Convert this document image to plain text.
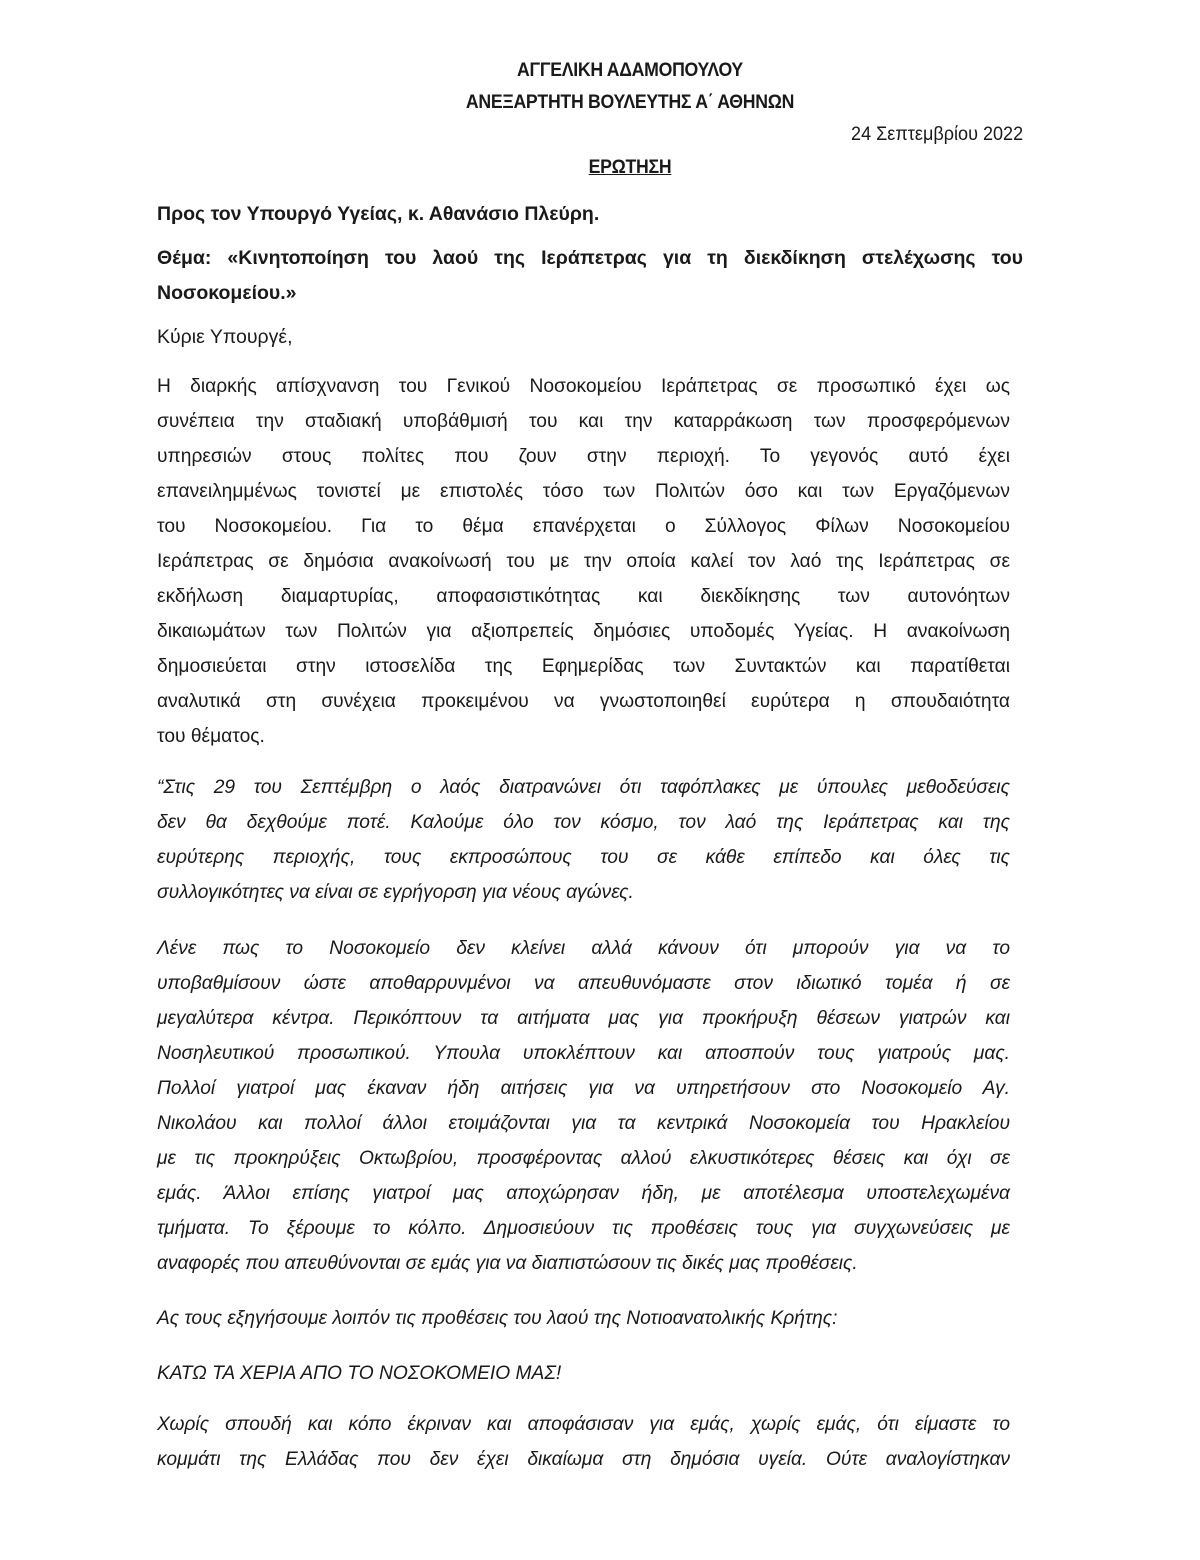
ΑΓΓΕΛΙΚΗ ΑΔΑΜΟΠΟΥΛΟΥ
ΑΝΕΞΑΡΤΗΤΗ ΒΟΥΛΕΥΤΗΣ Α΄ ΑΘΗΝΩΝ
24 Σεπτεμβρίου 2022
ΕΡΩΤΗΣΗ
Προς τον Υπουργό Υγείας, κ. Αθανάσιο Πλεύρη.
Θέμα: «Κινητοποίηση του λαού της Ιεράπετρας για τη διεκδίκηση στελέχωσης του
Νοσοκομείου.»
Κύριε Υπουργέ,
Η διαρκής απίσχνανση του Γενικού Νοσοκομείου Ιεράπετρας σε προσωπικό έχει ως
συνέπεια την σταδιακή υποβάθμισή του και την καταρράκωση των προσφερόμενων
υπηρεσιών στους πολίτες που ζουν στην περιοχή. Το γεγονός αυτό έχει
επανειλημμένως τονιστεί με επιστολές τόσο των Πολιτών όσο και των Εργαζόμενων
του Νοσοκομείου. Για το θέμα επανέρχεται ο Σύλλογος Φίλων Νοσοκομείου
Ιεράπετρας σε δημόσια ανακοίνωσή του με την οποία καλεί τον λαό της Ιεράπετρας σε
εκδήλωση διαμαρτυρίας, αποφασιστικότητας και διεκδίκησης των αυτονόητων
δικαιωμάτων των Πολιτών για αξιοπρεπείς δημόσιες υποδομές Υγείας. Η ανακοίνωση
δημοσιεύεται στην ιστοσελίδα της Εφημερίδας των Συντακτών και παρατίθεται
αναλυτικά στη συνέχεια προκειμένου να γνωστοποιηθεί ευρύτερα η σπουδαιότητα
του θέματος.
“Στις 29 του Σεπτέμβρη ο λαός διατρανώνει ότι ταφόπλακες με ύπουλες μεθοδεύσεις
δεν θα δεχθούμε ποτέ. Καλούμε όλο τον κόσμο, τον λαό της Ιεράπετρας και της
ευρύτερης περιοχής, τους εκπροσώπους του σε κάθε επίπεδο και όλες τις
συλλογικότητες να είναι σε εγρήγορση για νέους αγώνες.
Λένε πως το Νοσοκομείο δεν κλείνει αλλά κάνουν ότι μπορούν για να το
υποβαθμίσουν ώστε αποθαρρυνμένοι να απευθυνόμαστε στον ιδιωτικό τομέα ή σε
μεγαλύτερα κέντρα. Περικόπτουν τα αιτήματα μας για προκήρυξη θέσεων γιατρών και
Νοσηλευτικού προσωπικού. Υπουλα υποκλέπτουν και αποσπούν τους γιατρούς μας.
Πολλοί γιατροί μας έκαναν ήδη αιτήσεις για να υπηρετήσουν στο Νοσοκομείο Αγ.
Νικολάου και πολλοί άλλοι ετοιμάζονται για τα κεντρικά Νοσοκομεία του Ηρακλείου
με τις προκηρύξεις Οκτωβρίου, προσφέροντας αλλού ελκυστικότερες θέσεις και όχι σε
εμάς. Άλλοι επίσης γιατροί μας αποχώρησαν ήδη, με αποτέλεσμα υποστελεχωμένα
τμήματα. Το ξέρουμε το κόλπο. Δημοσιεύουν τις προθέσεις τους για συγχωνεύσεις με
αναφορές που απευθύνονται σε εμάς για να διαπιστώσουν τις δικές μας προθέσεις.
Ας τους εξηγήσουμε λοιπόν τις προθέσεις του λαού της Νοτιοανατολικής Κρήτης:
ΚΑΤΩ ΤΑ ΧΕΡΙΑ ΑΠΟ ΤΟ ΝΟΣΟΚΟΜΕΙΟ ΜΑΣ!
Χωρίς σπουδή και κόπο έκριναν και αποφάσισαν για εμάς, χωρίς εμάς, ότι είμαστε το
κομμάτι της Ελλάδας που δεν έχει δικαίωμα στη δημόσια υγεία. Ούτε αναλογίστηκαν
